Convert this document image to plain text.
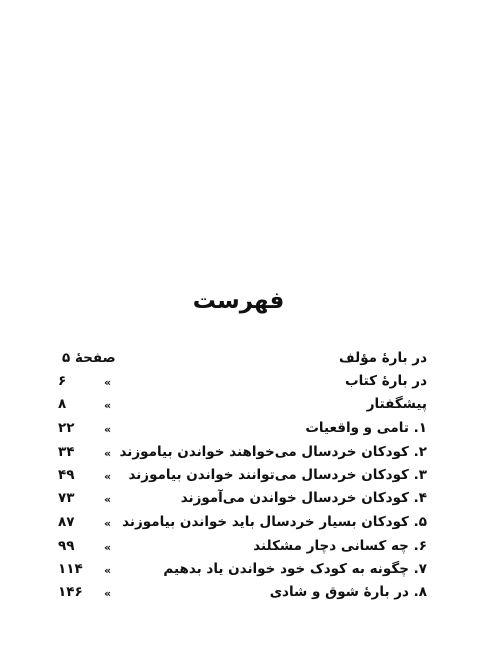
فهرست
در بارهٔ مؤلف
صفحهٔ ۵
در بارهٔ کتاب
«
۶
پیشگفتار
«
۸
۱. تامی و واقعیات
«
۲۲
۲. کودکان خردسال می‌خواهند خواندن بیاموزند
«
۳۴
۳. کودکان خردسال می‌توانند خواندن بیاموزند
«
۴۹
۴. کودکان خردسال خواندن می‌آموزند
«
۷۳
۵. کودکان بسیار خردسال باید خواندن بیاموزند
«
۸۷
۶. چه کسانی دچار مشکلند
«
۹۹
۷. چگونه به کودک خود خواندن یاد بدهیم
«
۱۱۴
۸. در بارهٔ شوق و شادی
«
۱۴۶
